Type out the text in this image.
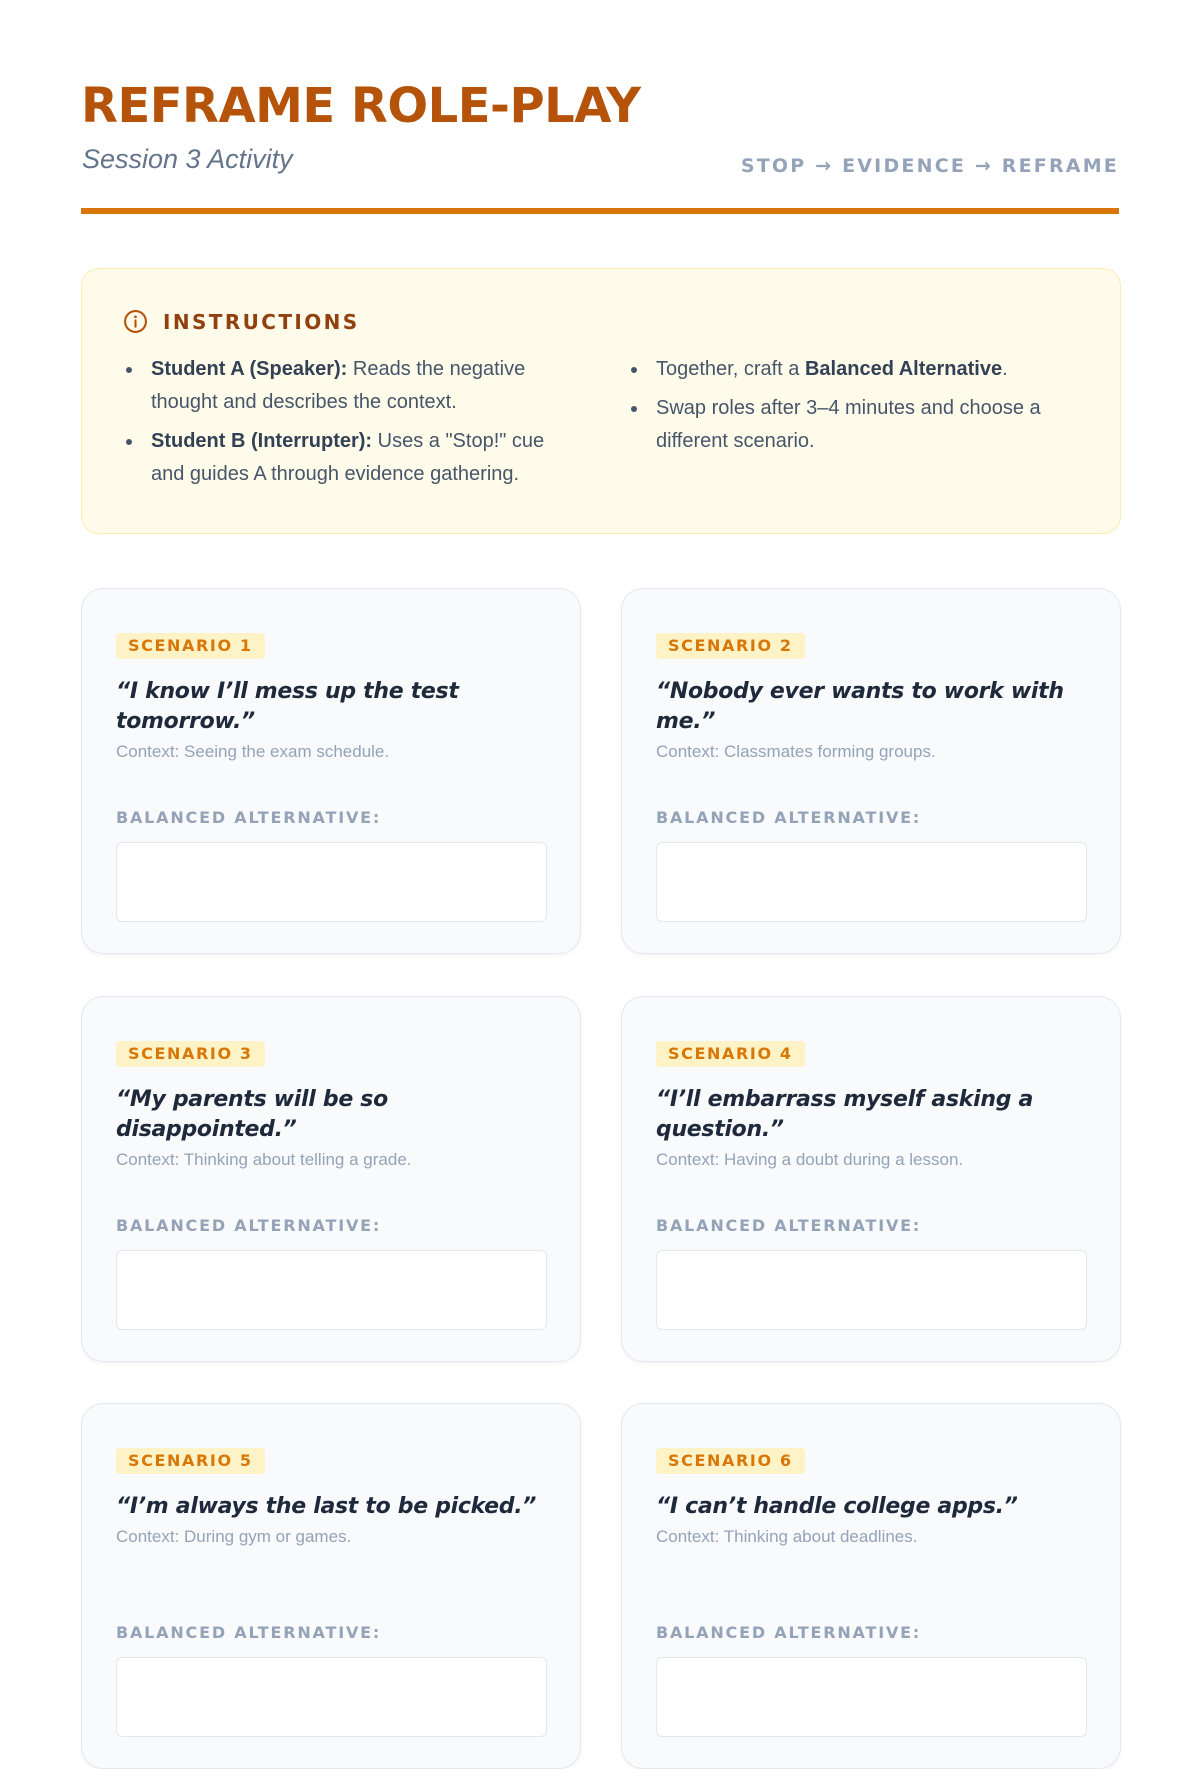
REFRAME ROLE-PLAY
Session 3 Activity	STOP → EVIDENCE → REFRAME
INSTRUCTIONS
Student A (Speaker): Reads the negative thought and describes the context.
Student B (Interrupter): Uses a "Stop!" cue and guides A through evidence gathering.
Together, craft a Balanced Alternative.
Swap roles after 3–4 minutes and choose a different scenario.
SCENARIO 1
“I know I’ll mess up the test tomorrow.”
Context: Seeing the exam schedule.
BALANCED ALTERNATIVE:
SCENARIO 2
“Nobody ever wants to work with me.”
Context: Classmates forming groups.
BALANCED ALTERNATIVE:
SCENARIO 3
“My parents will be so disappointed.”
Context: Thinking about telling a grade.
BALANCED ALTERNATIVE:
SCENARIO 4
“I’ll embarrass myself asking a question.”
Context: Having a doubt during a lesson.
BALANCED ALTERNATIVE:
SCENARIO 5
“I’m always the last to be picked.”
Context: During gym or games.
BALANCED ALTERNATIVE:
SCENARIO 6
“I can’t handle college apps.”
Context: Thinking about deadlines.
BALANCED ALTERNATIVE:
